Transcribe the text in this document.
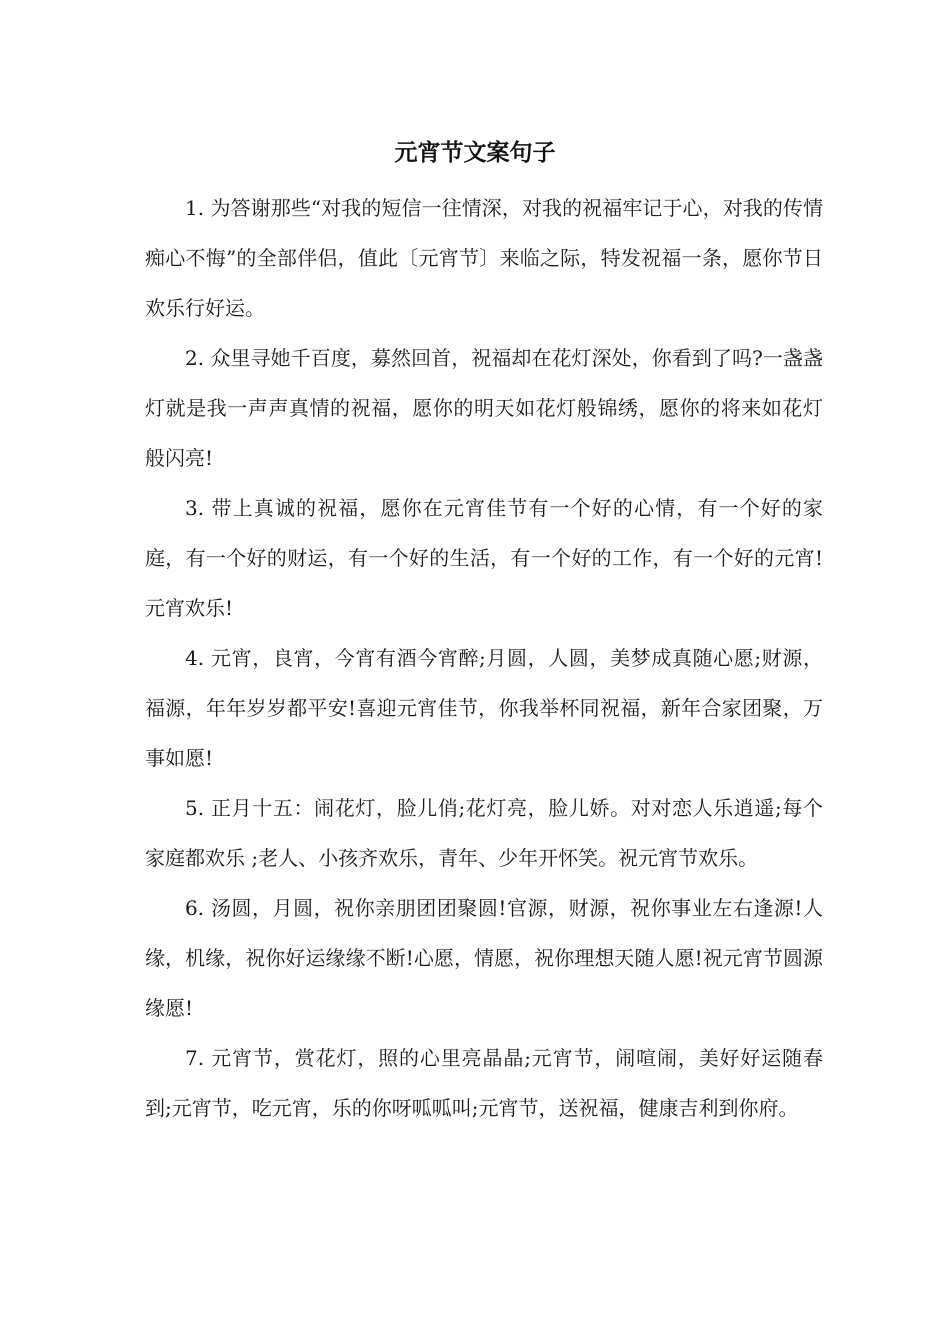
元宵节文案句子

1. 为答谢那些“对我的短信一往情深，对我的祝福牢记于心，对我的传情痴心不悔”的全部伴侣，值此〔元宵节〕来临之际，特发祝福一条，愿你节日欢乐行好运。

2. 众里寻她千百度，募然回首，祝福却在花灯深处，你看到了吗?一盏盏灯就是我一声声真情的祝福，愿你的明天如花灯般锦绣，愿你的将来如花灯般闪亮!

3. 带上真诚的祝福，愿你在元宵佳节有一个好的心情，有一个好的家庭，有一个好的财运，有一个好的生活，有一个好的工作，有一个好的元宵!元宵欢乐!

4. 元宵，良宵，今宵有酒今宵醉;月圆，人圆，美梦成真随心愿;财源，福源，年年岁岁都平安!喜迎元宵佳节，你我举杯同祝福，新年合家团聚，万事如愿!

5. 正月十五：闹花灯，脸儿俏;花灯亮，脸儿娇。对对恋人乐逍遥;每个家庭都欢乐 ;老人、小孩齐欢乐，青年、少年开怀笑。祝元宵节欢乐。

6. 汤圆，月圆，祝你亲朋团团聚圆!官源，财源，祝你事业左右逢源!人缘，机缘，祝你好运缘缘不断!心愿，情愿，祝你理想天随人愿!祝元宵节圆源缘愿!

7. 元宵节，赏花灯，照的心里亮晶晶;元宵节，闹喧闹，美好好运随春到;元宵节，吃元宵，乐的你呀呱呱叫;元宵节，送祝福，健康吉利到你府。
